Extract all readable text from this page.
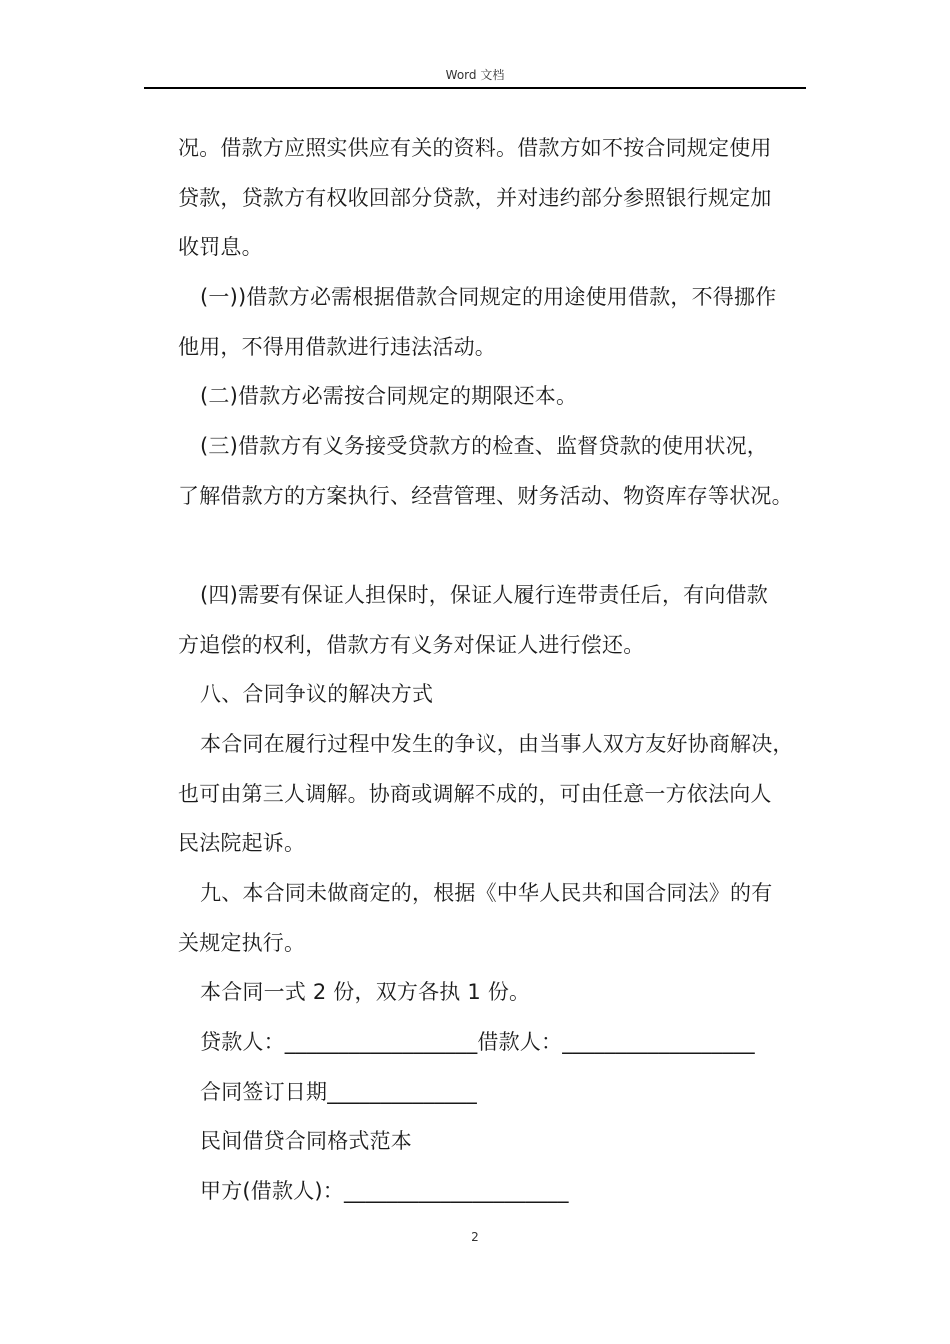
Word 文档
况。借款方应照实供应有关的资料。借款方如不按合同规定使用
贷款，贷款方有权收回部分贷款，并对违约部分参照银行规定加
收罚息。
(一))借款方必需根据借款合同规定的用途使用借款，不得挪作
他用，不得用借款进行违法活动。
(二)借款方必需按合同规定的期限还本。
(三)借款方有义务接受贷款方的检查、监督贷款的使用状况，
了解借款方的方案执行、经营管理、财务活动、物资库存等状况。
(四)需要有保证人担保时，保证人履行连带责任后，有向借款
方追偿的权利，借款方有义务对保证人进行偿还。
八、合同争议的解决方式
本合同在履行过程中发生的争议，由当事人双方友好协商解决，
也可由第三人调解。协商或调解不成的，可由任意一方依法向人
民法院起诉。
九、本合同未做商定的，根据《中华人民共和国合同法》的有
关规定执行。
本合同一式 2 份，双方各执 1 份。
贷款人：__________________借款人：__________________
合同签订日期______________
民间借贷合同格式范本
甲方(借款人)：_____________________
2
